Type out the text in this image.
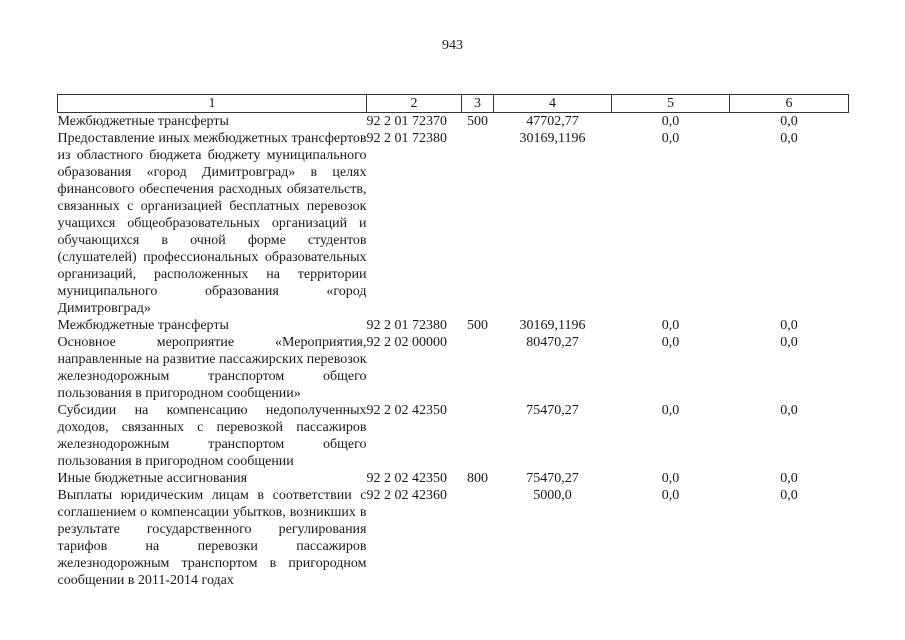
943
1	2	3	4	5	6
Межбюджетные трансферты	92 2 01 72370	500	47702,77	0,0	0,0
Предоставление иных межбюджетных трансфертов из областного бюджета бюджету муниципального образования «город Димитровград» в целях финансового обеспечения расходных обязательств, связанных с организацией бесплатных перевозок учащихся общеобразовательных организаций и обучающихся в очной форме студентов (слушателей) профессиональных образовательных организаций, расположенных на территории муниципального образования «город Димитровград»	92 2 01 72380		30169,1196	0,0	0,0
Межбюджетные трансферты	92 2 01 72380	500	30169,1196	0,0	0,0
Основное мероприятие «Мероприятия, направленные на развитие пассажирских перевозок железнодорожным транспортом общего пользования в пригородном сообщении»	92 2 02 00000		80470,27	0,0	0,0
Субсидии на компенсацию недополученных доходов, связанных с перевозкой пассажиров железнодорожным транспортом общего пользования в пригородном сообщении	92 2 02 42350		75470,27	0,0	0,0
Иные бюджетные ассигнования	92 2 02 42350	800	75470,27	0,0	0,0
Выплаты юридическим лицам в соответствии с соглашением о компенсации убытков, возникших в результате государственного регулирования тарифов на перевозки пассажиров железнодорожным транспортом в пригородном сообщении в 2011-2014 годах	92 2 02 42360		5000,0	0,0	0,0
